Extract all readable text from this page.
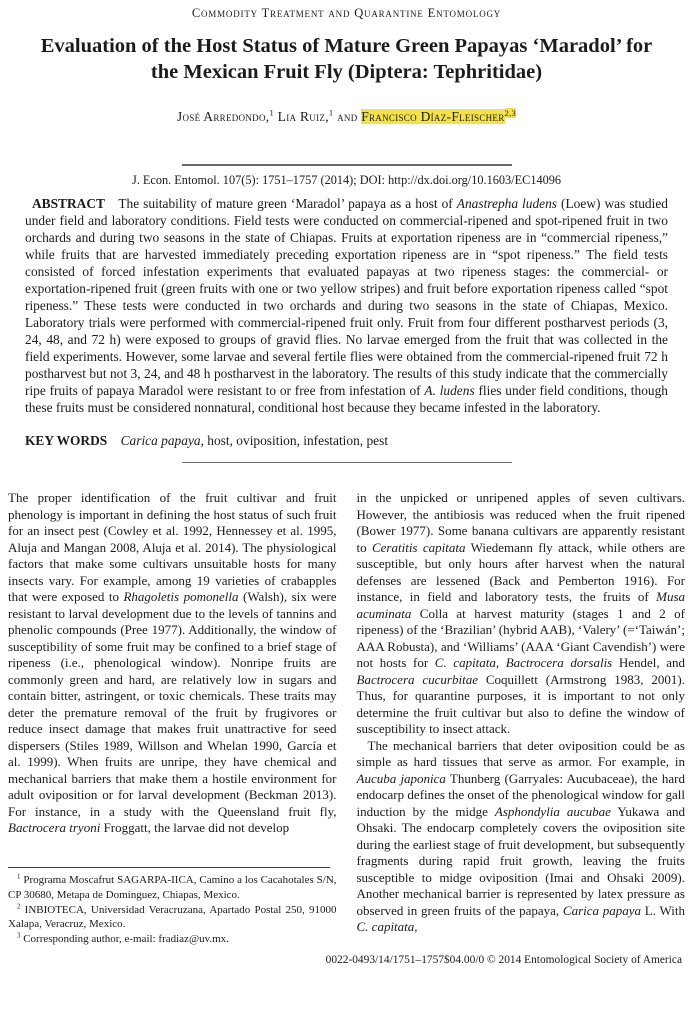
Commodity Treatment and Quarantine Entomology
Evaluation of the Host Status of Mature Green Papayas ‘Maradol’ for the Mexican Fruit Fly (Diptera: Tephritidae)
José Arredondo,$^1$ Lia Ruiz,$^1$ and Francisco Díaz-Fleischer$^{2,3}$
J. Econ. Entomol. 107(5): 1751–1757 (2014); DOI: http://dx.doi.org/10.1603/EC14096

ABSTRACT  The suitability of mature green ‘Maradol’ papaya as a host of Anastrepha ludens (Loew) was studied under field and laboratory conditions. Field tests were conducted on commercial-ripened and spot-ripened fruit in two orchards and during two seasons in the state of Chiapas. Fruits at exportation ripeness are in “commercial ripeness,” while fruits that are harvested immediately preceding exportation ripeness are in “spot ripeness.” The field tests consisted of forced infestation experiments that evaluated papayas at two ripeness stages: the commercial- or exportation-ripened fruit (green fruits with one or two yellow stripes) and fruit before exportation ripeness called “spot ripeness.” These tests were conducted in two orchards and during two seasons in the state of Chiapas, Mexico. Laboratory trials were performed with commercial-ripened fruit only. Fruit from four different postharvest periods (3, 24, 48, and 72 h) were exposed to groups of gravid flies. No larvae emerged from the fruit that was collected in the field experiments. However, some larvae and several fertile flies were obtained from the commercial-ripened fruit 72 h postharvest but not 3, 24, and 48 h postharvest in the laboratory. The results of this study indicate that the commercially ripe fruits of papaya Maradol were resistant to or free from infestation of A. ludens flies under field conditions, though these fruits must be considered nonnatural, conditional host because they became infested in the laboratory.

KEY WORDS   Carica papaya, host, oviposition, infestation, pest

The proper identification of the fruit cultivar and fruit phenology is important in defining the host status of such fruit for an insect pest (Cowley et al. 1992, Hennessey et al. 1995, Aluja and Mangan 2008, Aluja et al. 2014). The physiological factors that make some cultivars unsuitable hosts for many insects vary. For example, among 19 varieties of crabapples that were exposed to Rhagoletis pomonella (Walsh), six were resistant to larval development due to the levels of tannins and phenolic compounds (Pree 1977). Additionally, the window of susceptibility of some fruit may be confined to a brief stage of ripeness (i.e., phenological window). Nonripe fruits are commonly green and hard, are relatively low in sugars and contain bitter, astringent, or toxic chemicals. These traits may deter the premature removal of the fruit by frugivores or reduce insect damage that makes fruit unattractive for seed dispersers (Stiles 1989, Willson and Whelan 1990, García et al. 1999). When fruits are unripe, they have chemical and mechanical barriers that make them a hostile environment for adult oviposition or for larval development (Beckman 2013). For instance, in a study with the Queensland fruit fly, Bactrocera tryoni Froggatt, the larvae did not develop

$^1$ Programa Moscafrut SAGARPA-IICA, Camino a los Cacahotales S/N, CP 30680, Metapa de Domínguez, Chiapas, Mexico.

$^2$ INBIOTECA, Universidad Veracruzana, Apartado Postal 250, 91000 Xalapa, Veracruz, Mexico.

$^3$ Corresponding author, e-mail: fradiaz@uv.mx.

in the unpicked or unripened apples of seven cultivars. However, the antibiosis was reduced when the fruit ripened (Bower 1977). Some banana cultivars are apparently resistant to Ceratitis capitata Wiedemann fly attack, while others are susceptible, but only hours after harvest when the natural defenses are lessened (Back and Pemberton 1916). For instance, in field and laboratory tests, the fruits of Musa acuminata Colla at harvest maturity (stages 1 and 2 of ripeness) of the ‘Brazilian’ (hybrid AAB), ‘Valery’ (=‘Taiwán’; AAA Robusta), and ‘Williams’ (AAA ‘Giant Cavendish’) were not hosts for C. capitata, Bactrocera dorsalis Hendel, and Bactrocera cucurbitae Coquillett (Armstrong 1983, 2001). Thus, for quarantine purposes, it is important to not only determine the fruit cultivar but also to define the window of susceptibility to insect attack.

The mechanical barriers that deter oviposition could be as simple as hard tissues that serve as armor. For example, in Aucuba japonica Thunberg (Garryales: Aucubaceae), the hard endocarp defines the onset of the phenological window for gall induction by the midge Asphondylia aucubae Yukawa and Ohsaki. The endocarp completely covers the oviposition site during the earliest stage of fruit development, but subsequently fragments during rapid fruit growth, leaving the fruits susceptible to midge oviposition (Imai and Ohsaki 2009). Another mechanical barrier is represented by latex pressure as observed in green fruits of the papaya, Carica papaya L. With C. capitata,

0022-0493/14/1751–1757$04.00/0 © 2014 Entomological Society of America
